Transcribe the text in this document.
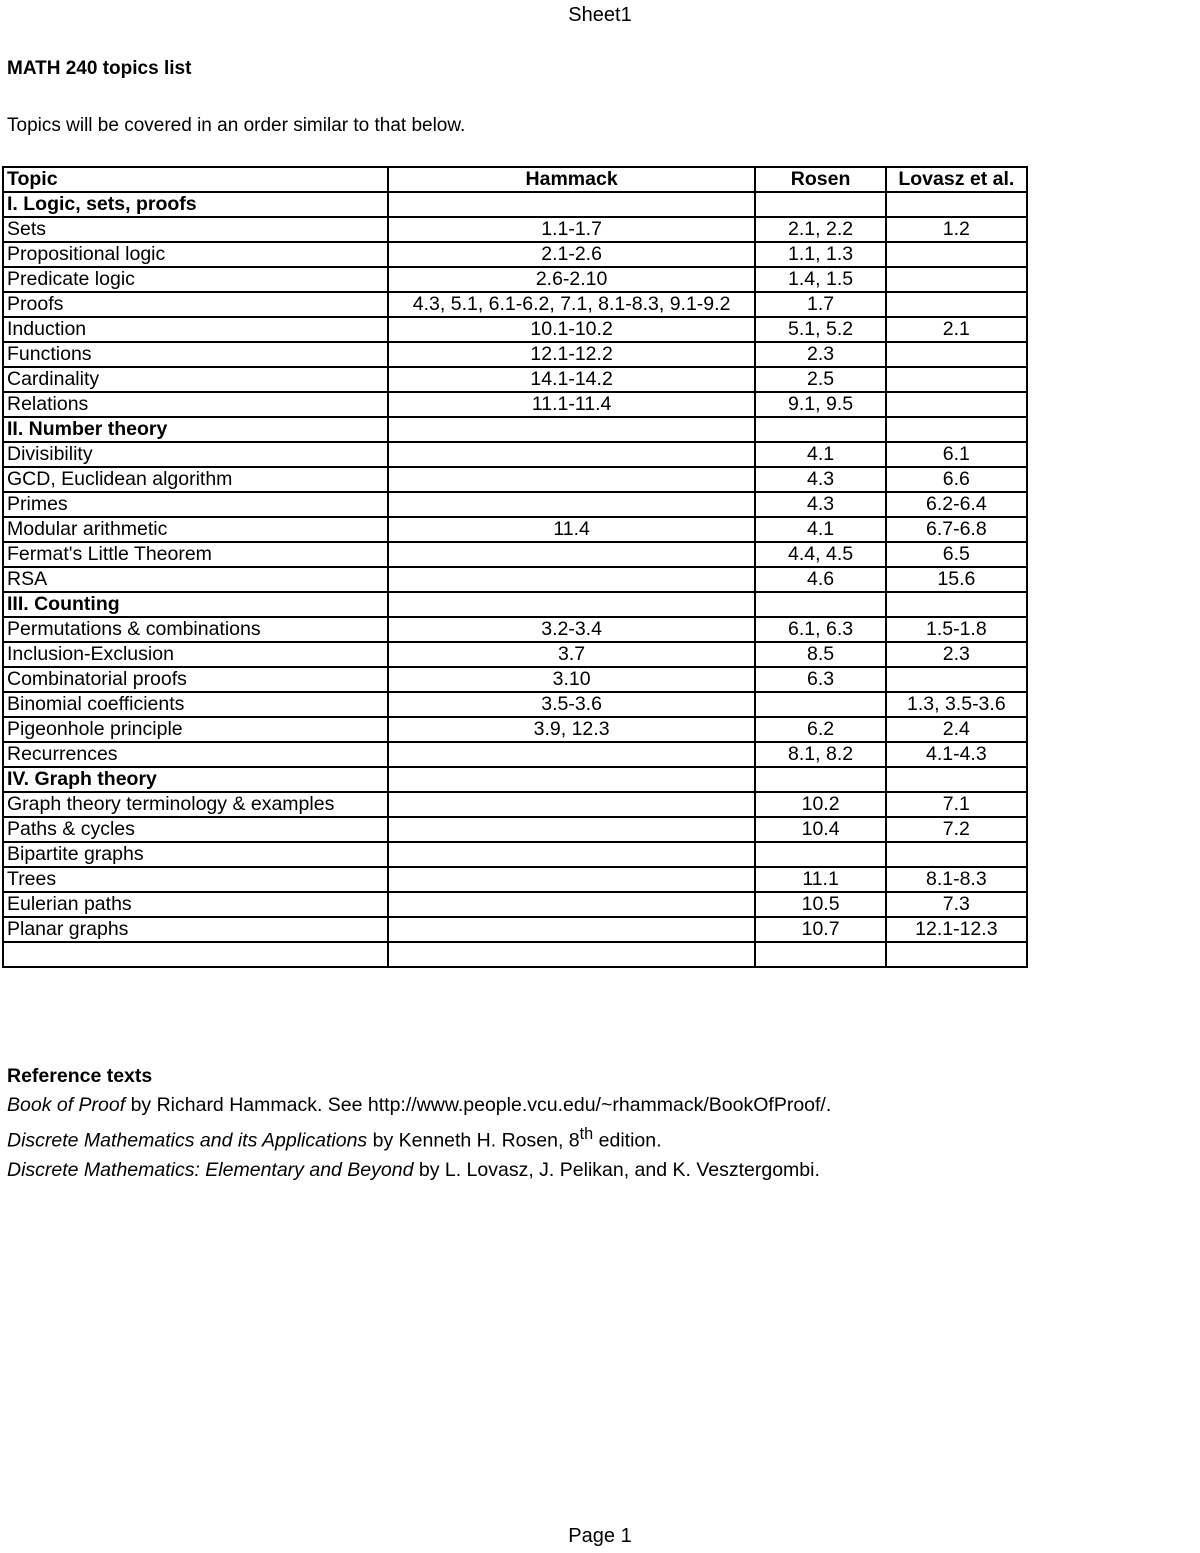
Sheet1
MATH 240 topics list
Topics will be covered in an order similar to that below.
Topic	Hammack	Rosen	Lovasz et al.
I. Logic, sets, proofs			
Sets	1.1-1.7	2.1, 2.2	1.2
Propositional logic	2.1-2.6	1.1, 1.3	
Predicate logic	2.6-2.10	1.4, 1.5	
Proofs	4.3, 5.1, 6.1-6.2, 7.1, 8.1-8.3, 9.1-9.2	1.7	
Induction	10.1-10.2	5.1, 5.2	2.1
Functions	12.1-12.2	2.3	
Cardinality	14.1-14.2	2.5	
Relations	11.1-11.4	9.1, 9.5	
II. Number theory			
Divisibility		4.1	6.1
GCD, Euclidean algorithm		4.3	6.6
Primes		4.3	6.2-6.4
Modular arithmetic	11.4	4.1	6.7-6.8
Fermat's Little Theorem		4.4, 4.5	6.5
RSA		4.6	15.6
III. Counting			
Permutations & combinations	3.2-3.4	6.1, 6.3	1.5-1.8
Inclusion-Exclusion	3.7	8.5	2.3
Combinatorial proofs	3.10	6.3	
Binomial coefficients	3.5-3.6		1.3, 3.5-3.6
Pigeonhole principle	3.9, 12.3	6.2	2.4
Recurrences		8.1, 8.2	4.1-4.3
IV. Graph theory			
Graph theory terminology & examples		10.2	7.1
Paths & cycles		10.4	7.2
Bipartite graphs			
Trees		11.1	8.1-8.3
Eulerian paths		10.5	7.3
Planar graphs		10.7	12.1-12.3

Reference texts
Book of Proof by Richard Hammack. See http://www.people.vcu.edu/~rhammack/BookOfProof/.
Discrete Mathematics and its Applications by Kenneth H. Rosen, 8th edition.
Discrete Mathematics: Elementary and Beyond by L. Lovasz, J. Pelikan, and K. Vesztergombi.
Page 1
